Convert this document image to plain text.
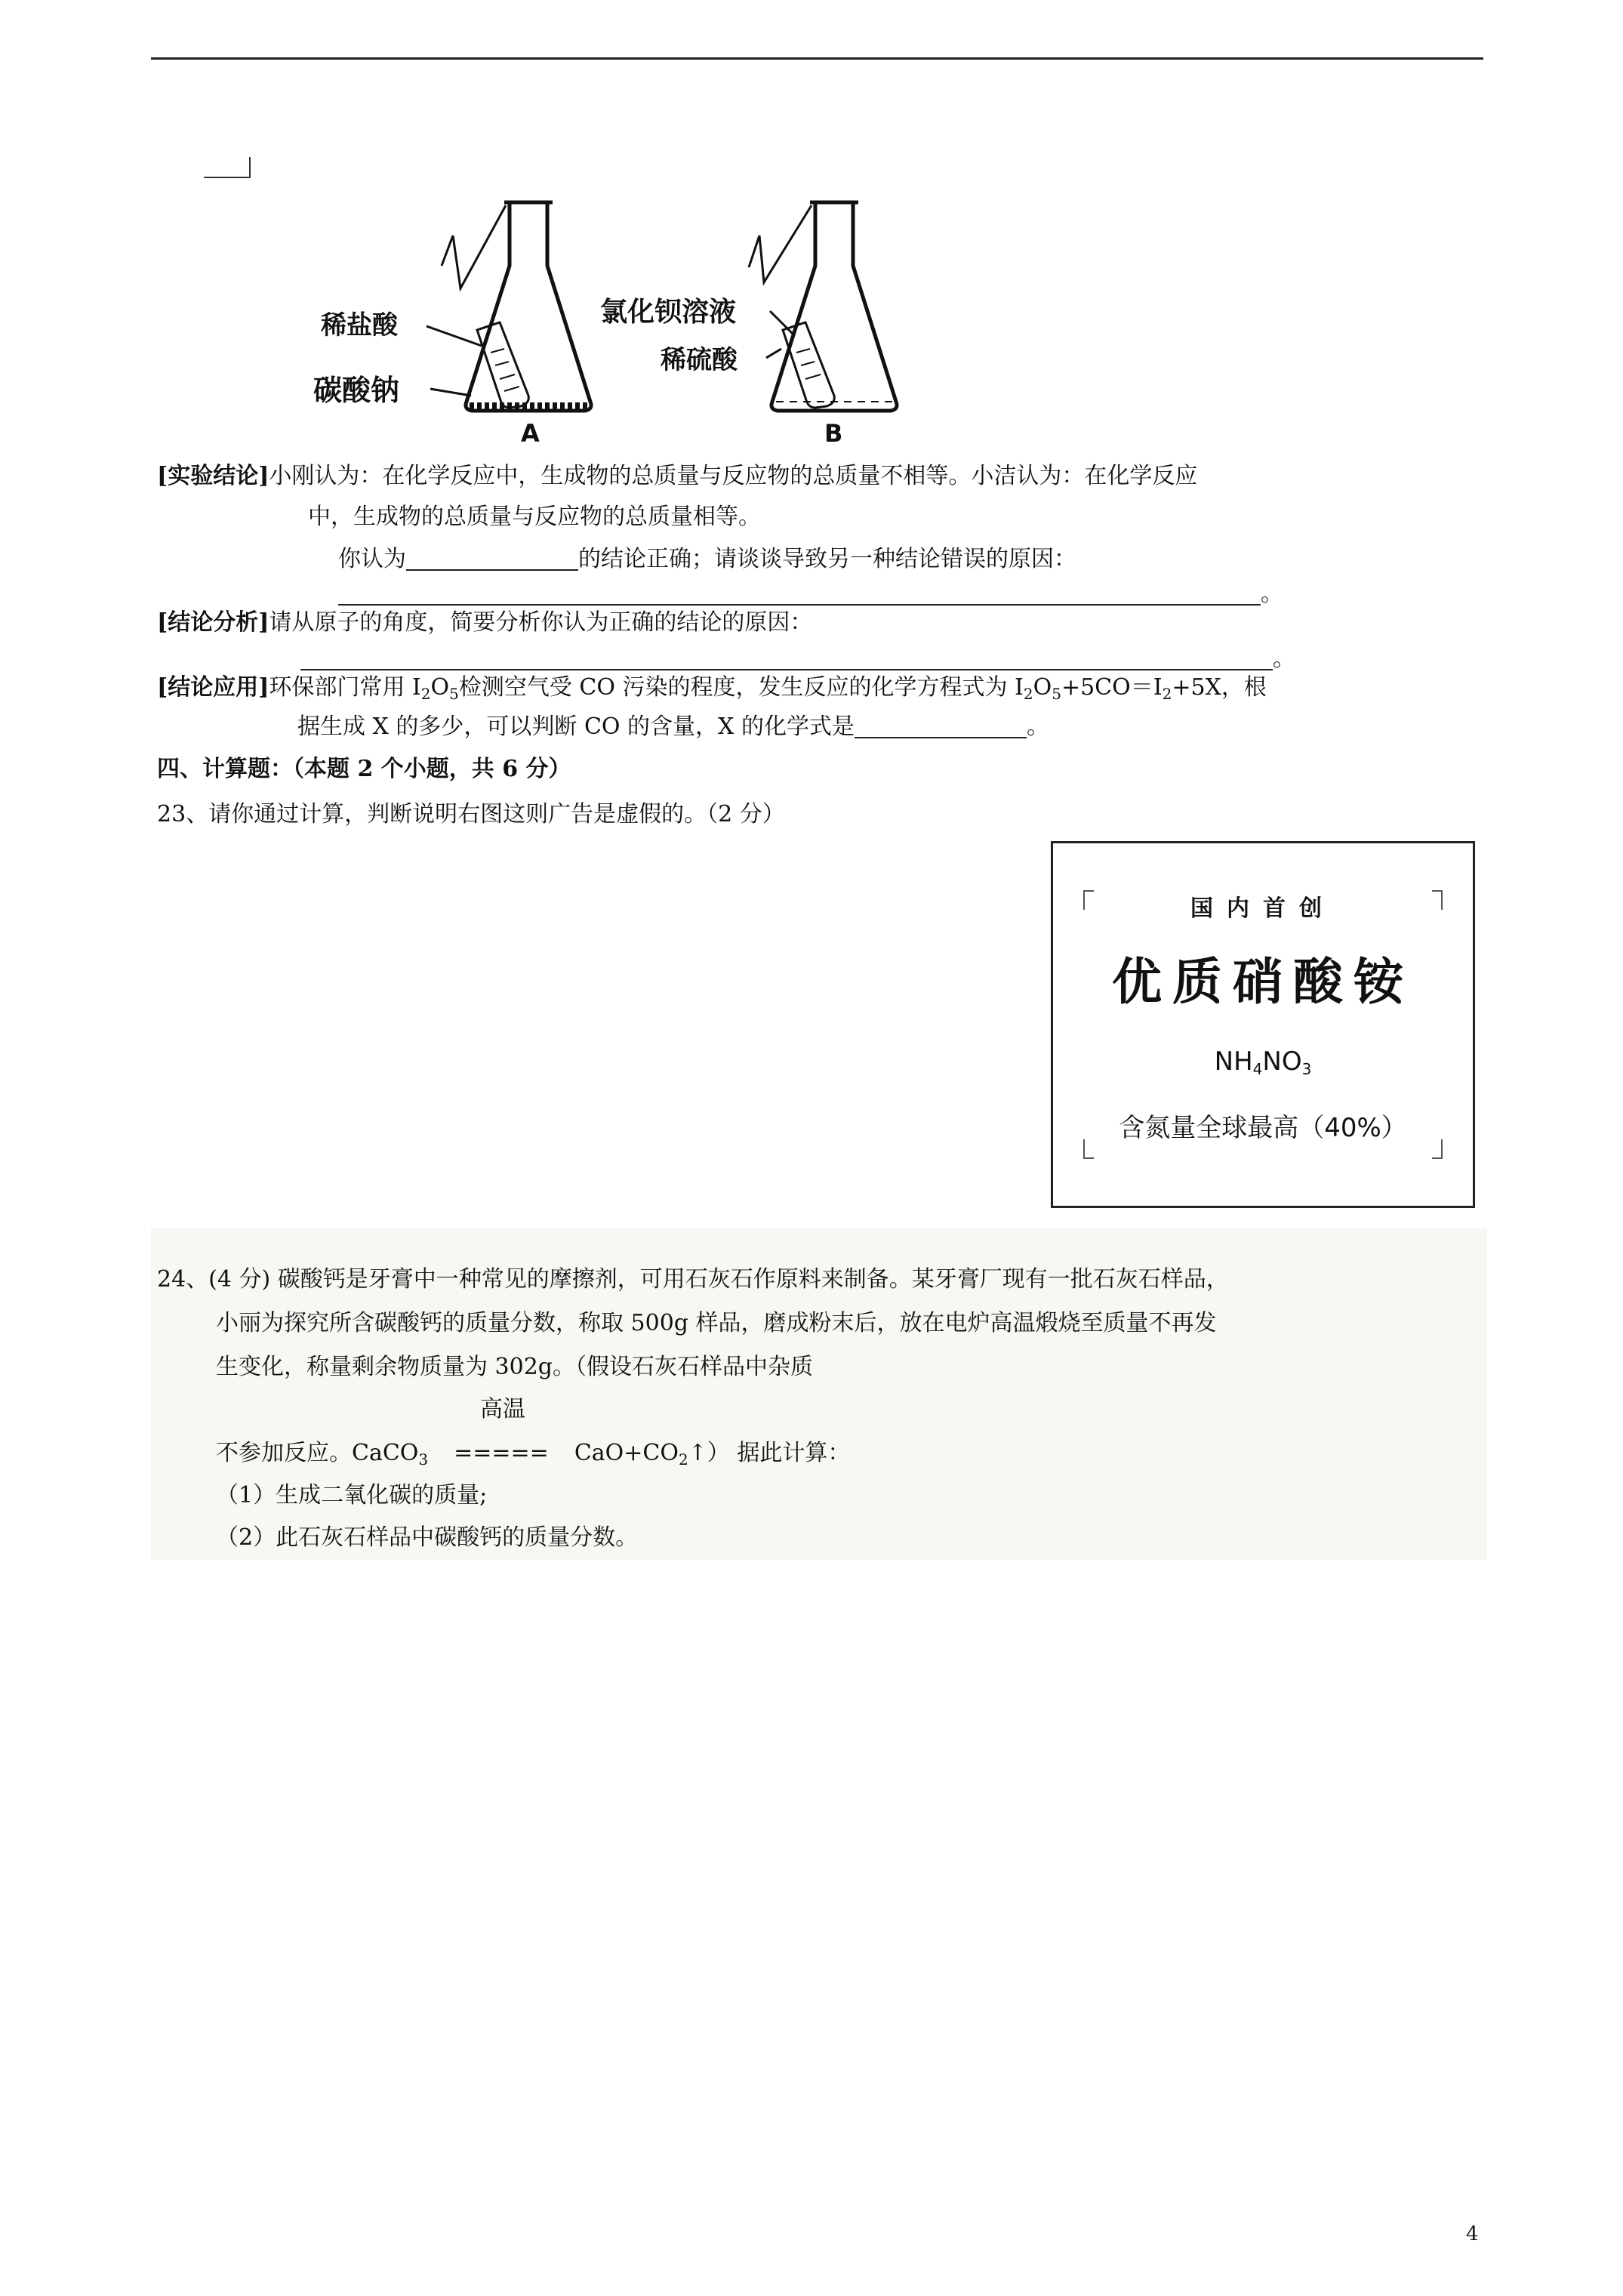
稀盐酸
碳酸钠
A
氯化钡溶液
稀硫酸
B
[实验结论]小刚认为：在化学反应中，生成物的总质量与反应物的总质量不相等。小洁认为：在化学反应
中，生成物的总质量与反应物的总质量相等。
你认为	的结论正确；请谈谈导致另一种结论错误的原因：
。
[结论分析]请从原子的角度，简要分析你认为正确的结论的原因：
。
[结论应用]环保部门常用 $I_2O_5$检测空气受 CO 污染的程度，发生反应的化学方程式为 $I_2O_5+5CO=I_2+5X$，根
据生成 X 的多少，可以判断 CO 的含量，X 的化学式是	。
四、计算题：（本题 2 个小题，共 6 分）
23、请你通过计算，判断说明右图这则广告是虚假的。（2 分）
国内首创
优质硝酸铵
$NH_4NO_3$
含氮量全球最高（40%）
24、(4 分) 碳酸钙是牙膏中一种常见的摩擦剂，可用石灰石作原料来制备。某牙膏厂现有一批石灰石样品，
小丽为探究所含碳酸钙的质量分数，称取 500g 样品，磨成粉末后，放在电炉高温煅烧至质量不再发
生变化，称量剩余物质量为 302g。（假设石灰石样品中杂质
高温
不参加反应。CaCO$_3$ ===== $CaO+CO_2↑$） 据此计算：
（1）生成二氧化碳的质量;
（2）此石灰石样品中碳酸钙的质量分数。
4
